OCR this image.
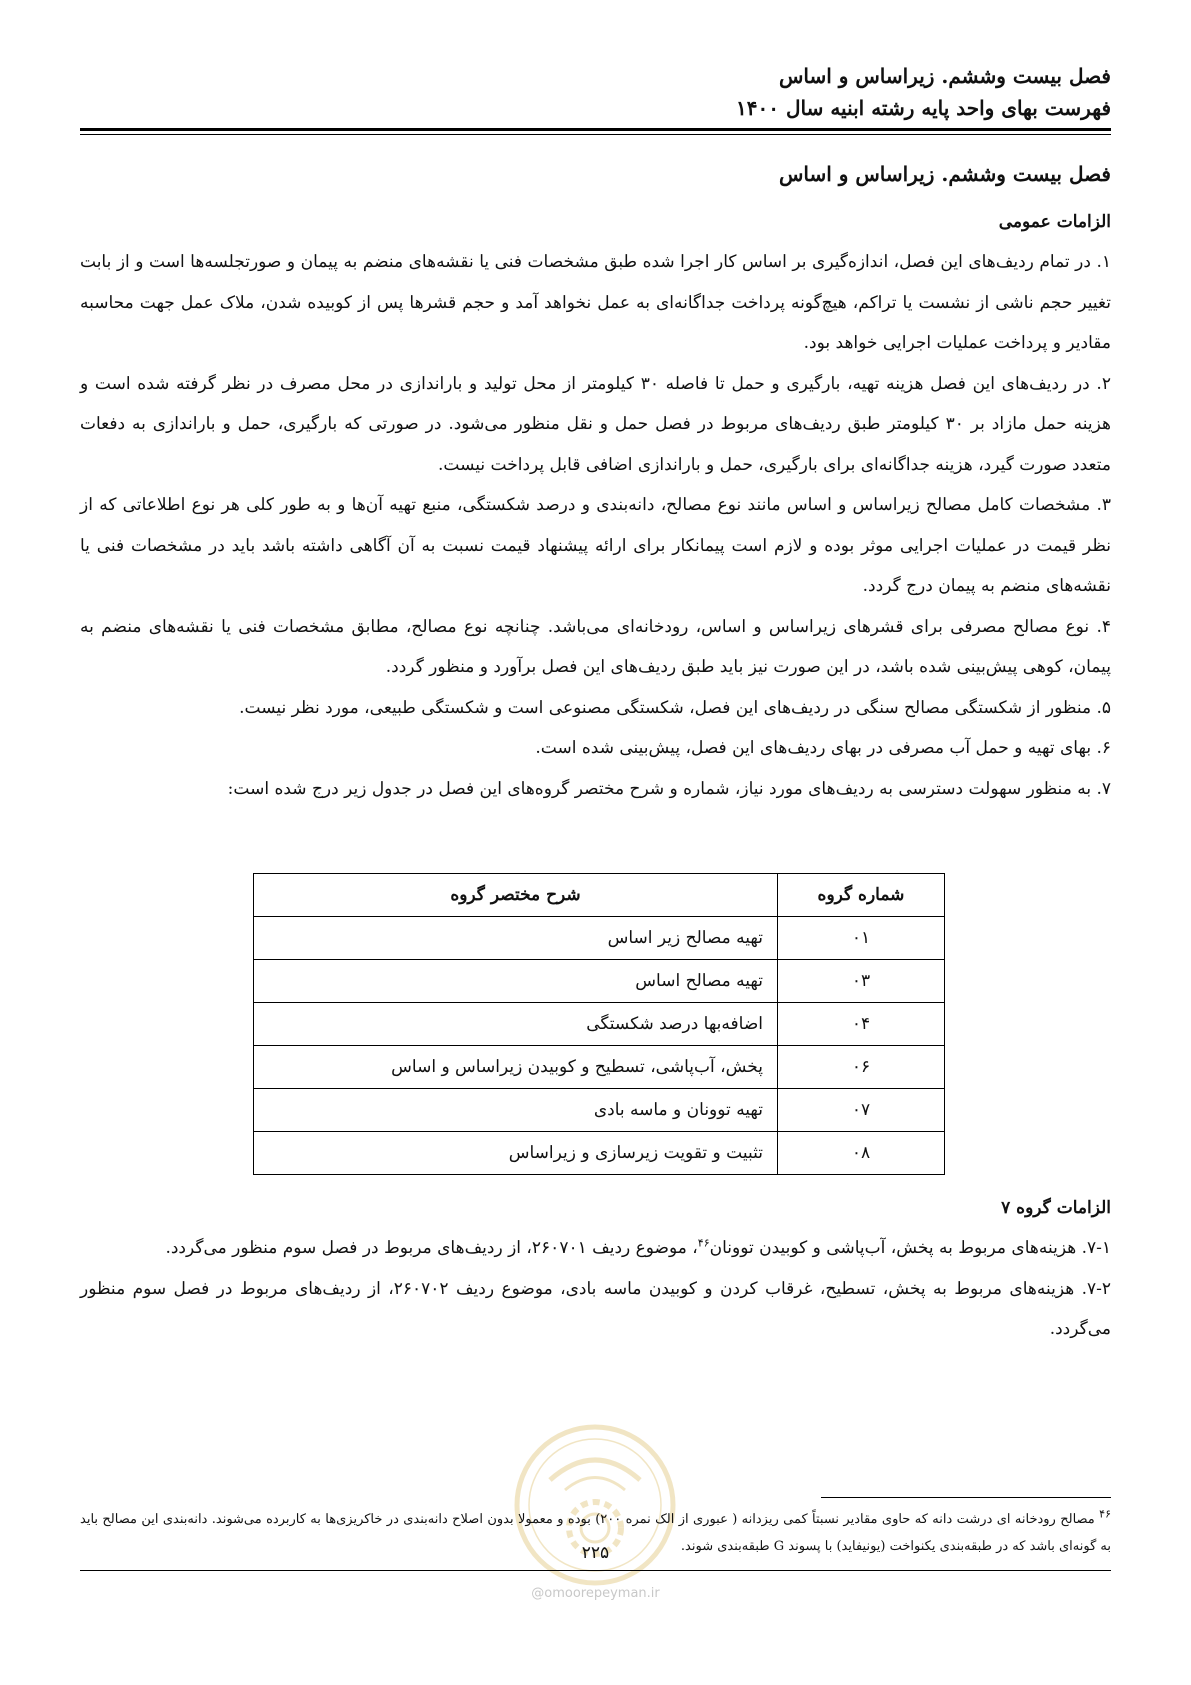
فصل بیست وششم. زیراساس و اساس
فهرست بهای واحد پایه رشته ابنیه سال ۱۴۰۰
فصل بیست وششم. زیراساس و اساس
الزامات عمومی

۱. در تمام ردیف‌های این فصل، اندازه‌گیری بر اساس کار اجرا شده طبق مشخصات فنی یا نقشه‌های منضم به پیمان و صورتجلسه‌ها است و از بابت تغییر حجم ناشی از نشست یا تراکم، هیچ‌گونه پرداخت جداگانه‌ای به عمل نخواهد آمد و حجم قشرها پس از کوبیده شدن، ملاک عمل جهت محاسبه مقادیر و پرداخت عملیات اجرایی خواهد بود.

۲. در ردیف‌های این فصل هزینه تهیه، بارگیری و حمل تا فاصله ۳۰ کیلومتر از محل تولید و باراندازی در محل مصرف در نظر گرفته شده است و هزینه حمل مازاد بر ۳۰ کیلومتر طبق ردیف‌های مربوط در فصل حمل و نقل منظور می‌شود. در صورتی که بارگیری، حمل و باراندازی به دفعات متعدد صورت گیرد، هزینه جداگانه‌ای برای بارگیری، حمل و باراندازی اضافی قابل پرداخت نیست.

۳. مشخصات کامل مصالح زیراساس و اساس مانند نوع مصالح، دانه‌بندی و درصد شکستگی، منبع تهیه آن‌ها و به طور کلی هر نوع اطلاعاتی که از نظر قیمت در عملیات اجرایی موثر بوده و لازم است پیمانکار برای ارائه پیشنهاد قیمت نسبت به آن آگاهی داشته باشد باید در مشخصات فنی یا نقشه‌های منضم به پیمان درج گردد.

۴. نوع مصالح مصرفی برای قشرهای زیراساس و اساس، رودخانه‌ای می‌باشد. چنانچه نوع مصالح، مطابق مشخصات فنی یا نقشه‌های منضم به پیمان، کوهی پیش‌بینی شده باشد، در این صورت نیز باید طبق ردیف‌های این فصل برآورد و منظور گردد.

۵. منظور از شکستگی مصالح سنگی در ردیف‌های این فصل، شکستگی مصنوعی است و شکستگی طبیعی، مورد نظر نیست.

۶. بهای تهیه و حمل آب مصرفی در بهای ردیف‌های این فصل، پیش‌بینی شده است.

۷. به منظور سهولت دسترسی به ردیف‌های مورد نیاز، شماره و شرح مختصر گروه‌های این فصل در جدول زیر درج شده است:

شماره گروه	شرح مختصر گروه
۰۱	تهیه مصالح زیر اساس
۰۳	تهیه مصالح اساس
۰۴	اضافه‌بها درصد شکستگی
۰۶	پخش، آب‌پاشی، تسطیح و کوبیدن زیراساس و اساس
۰۷	تهیه توونان و ماسه بادی
۰۸	تثبیت و تقویت زیرسازی و زیراساس
الزامات گروه ۷

۷-۱. هزینه‌های مربوط به پخش، آب‌پاشی و کوبیدن توونان$^{۴۶}$، موضوع ردیف ۲۶۰۷۰۱، از ردیف‌های مربوط در فصل سوم منظور می‌گردد.

۷-۲. هزینه‌های مربوط به پخش، تسطیح، غرقاب کردن و کوبیدن ماسه بادی، موضوع ردیف ۲۶۰۷۰۲، از ردیف‌های مربوط در فصل سوم منظور می‌گردد.

$^{۴۶}$ مصالح رودخانه ای درشت دانه که حاوی مقادیر نسبتاً کمی ریزدانه ( عبوری از الک نمره ۲۰۰) بوده و معمولا بدون اصلاح دانه‌بندی در خاکریزی‌ها به کاربرده می‌شوند. دانه‌بندی این مصالح باید به گونه‌ای باشد که در طبقه‌بندی یکنواخت (یونیفاید) با پسوند G طبقه‌بندی شوند.
۲۲۵
@omoorepeyman.ir
